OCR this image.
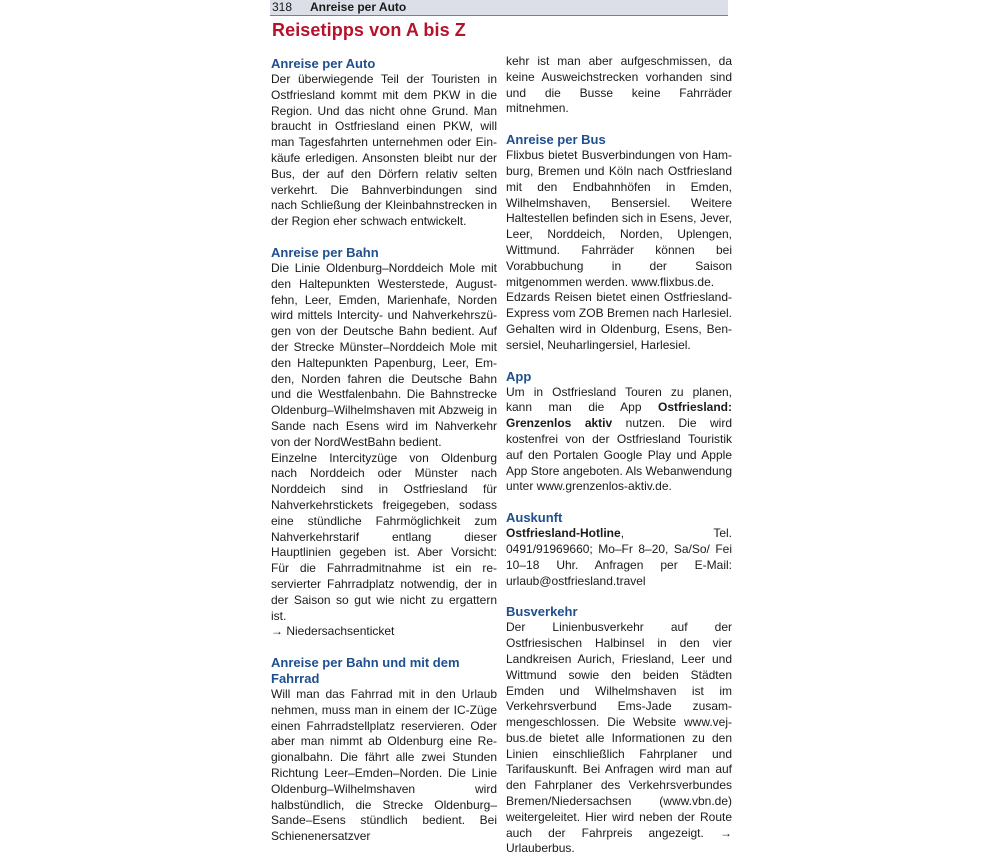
318 Anreise per Auto
Reisetipps von A bis Z
Anreise per Auto

Der überwiegende Teil der Touristen in Ostfriesland kommt mit dem PKW in die Region. Und das nicht ohne Grund. Man braucht in Ostfriesland einen PKW, will man Tagesfahrten unternehmen oder Einkäufe erledigen. Ansonsten bleibt nur der Bus, der auf den Dörfern relativ selten verkehrt. Die Bahnverbindungen sind nach Schließung der Kleinbahnstrecken in der Region eher schwach entwickelt.

Anreise per Bahn

Die Linie Oldenburg–Norddeich Mole mit den Haltepunkten Westerstede, Augustfehn, Leer, Emden, Marienhafe, Norden wird mittels Intercity- und Nahverkehrszügen von der Deutsche Bahn bedient. Auf der Strecke Münster–Norddeich Mole mit den Haltepunkten Papenburg, Leer, Emden, Norden fahren die Deutsche Bahn und die Westfalenbahn. Die Bahnstrecke Oldenburg–Wilhelmshaven mit Abzweig in Sande nach Esens wird im Nahverkehr von der NordWestBahn bedient.

Einzelne Intercityzüge von Oldenburg nach Norddeich oder Münster nach Norddeich sind in Ostfriesland für Nahverkehrstickets freigegeben, sodass eine stündliche Fahrmöglichkeit zum Nahverkehrstarif entlang dieser Hauptlinien gegeben ist. Aber Vorsicht: Für die Fahrradmitnahme ist ein reservierter Fahrradplatz notwendig, der in der Saison so gut wie nicht zu ergattern ist.

→ Niedersachsenticket

Anreise per Bahn und mit dem Fahrrad

Will man das Fahrrad mit in den Urlaub nehmen, muss man in einem der IC-Züge einen Fahrradstellplatz reservieren. Oder aber man nimmt ab Oldenburg eine Regionalbahn. Die fährt alle zwei Stunden Richtung Leer–Emden–Norden. Die Linie Oldenburg–Wilhelmshaven wird halbstündlich, die Strecke Oldenburg–Sande–Esens stündlich bedient. Bei Schienenersatzver

kehr ist man aber aufgeschmissen, da keine Ausweichstrecken vorhanden sind und die Busse keine Fahrräder mitnehmen.

Anreise per Bus

Flixbus bietet Busverbindungen von Hamburg, Bremen und Köln nach Ostfriesland mit den Endbahnhöfen in Emden, Wilhelmshaven, Bensersiel. Weitere Haltestellen befinden sich in Esens, Jever, Leer, Norddeich, Norden, Uplengen, Wittmund. Fahrräder können bei Vorabbuchung in der Saison mitgenommen werden. www.flixbus.de.

Edzards Reisen bietet einen OstfrieslandExpress vom ZOB Bremen nach Harlesiel. Gehalten wird in Oldenburg, Esens, Bensersiel, Neuharlingersiel, Harlesiel.

App

Um in Ostfriesland Touren zu planen, kann man die App Ostfriesland: Grenzenlos aktiv nutzen. Die wird kostenfrei von der Ostfriesland Touristik auf den Portalen Google Play und Apple App Store angeboten. Als Webanwendung unter www.grenzenlos-aktiv.de.

Auskunft

Ostfriesland-Hotline, Tel. 0491/91969660; Mo–Fr 8–20, Sa/So/ Fei 10–18 Uhr. Anfragen per E-Mail: urlaub@ostfriesland.travel

Busverkehr

Der Linienbusverkehr auf der Ostfriesischen Halbinsel in den vier Landkreisen Aurich, Friesland, Leer und Wittmund sowie den beiden Städten Emden und Wilhelmshaven ist im Verkehrsverbund Ems-Jade zusammengeschlossen. Die Website www.vej-bus.de bietet alle Informationen zu den Linien einschließlich Fahrplaner und Tarifauskunft. Bei Anfragen wird man auf den Fahrplaner des Verkehrsverbundes Bremen/Niedersachsen (www.vbn.de) weitergeleitet. Hier wird neben der Route auch der Fahrpreis angezeigt. → Urlauberbus.
